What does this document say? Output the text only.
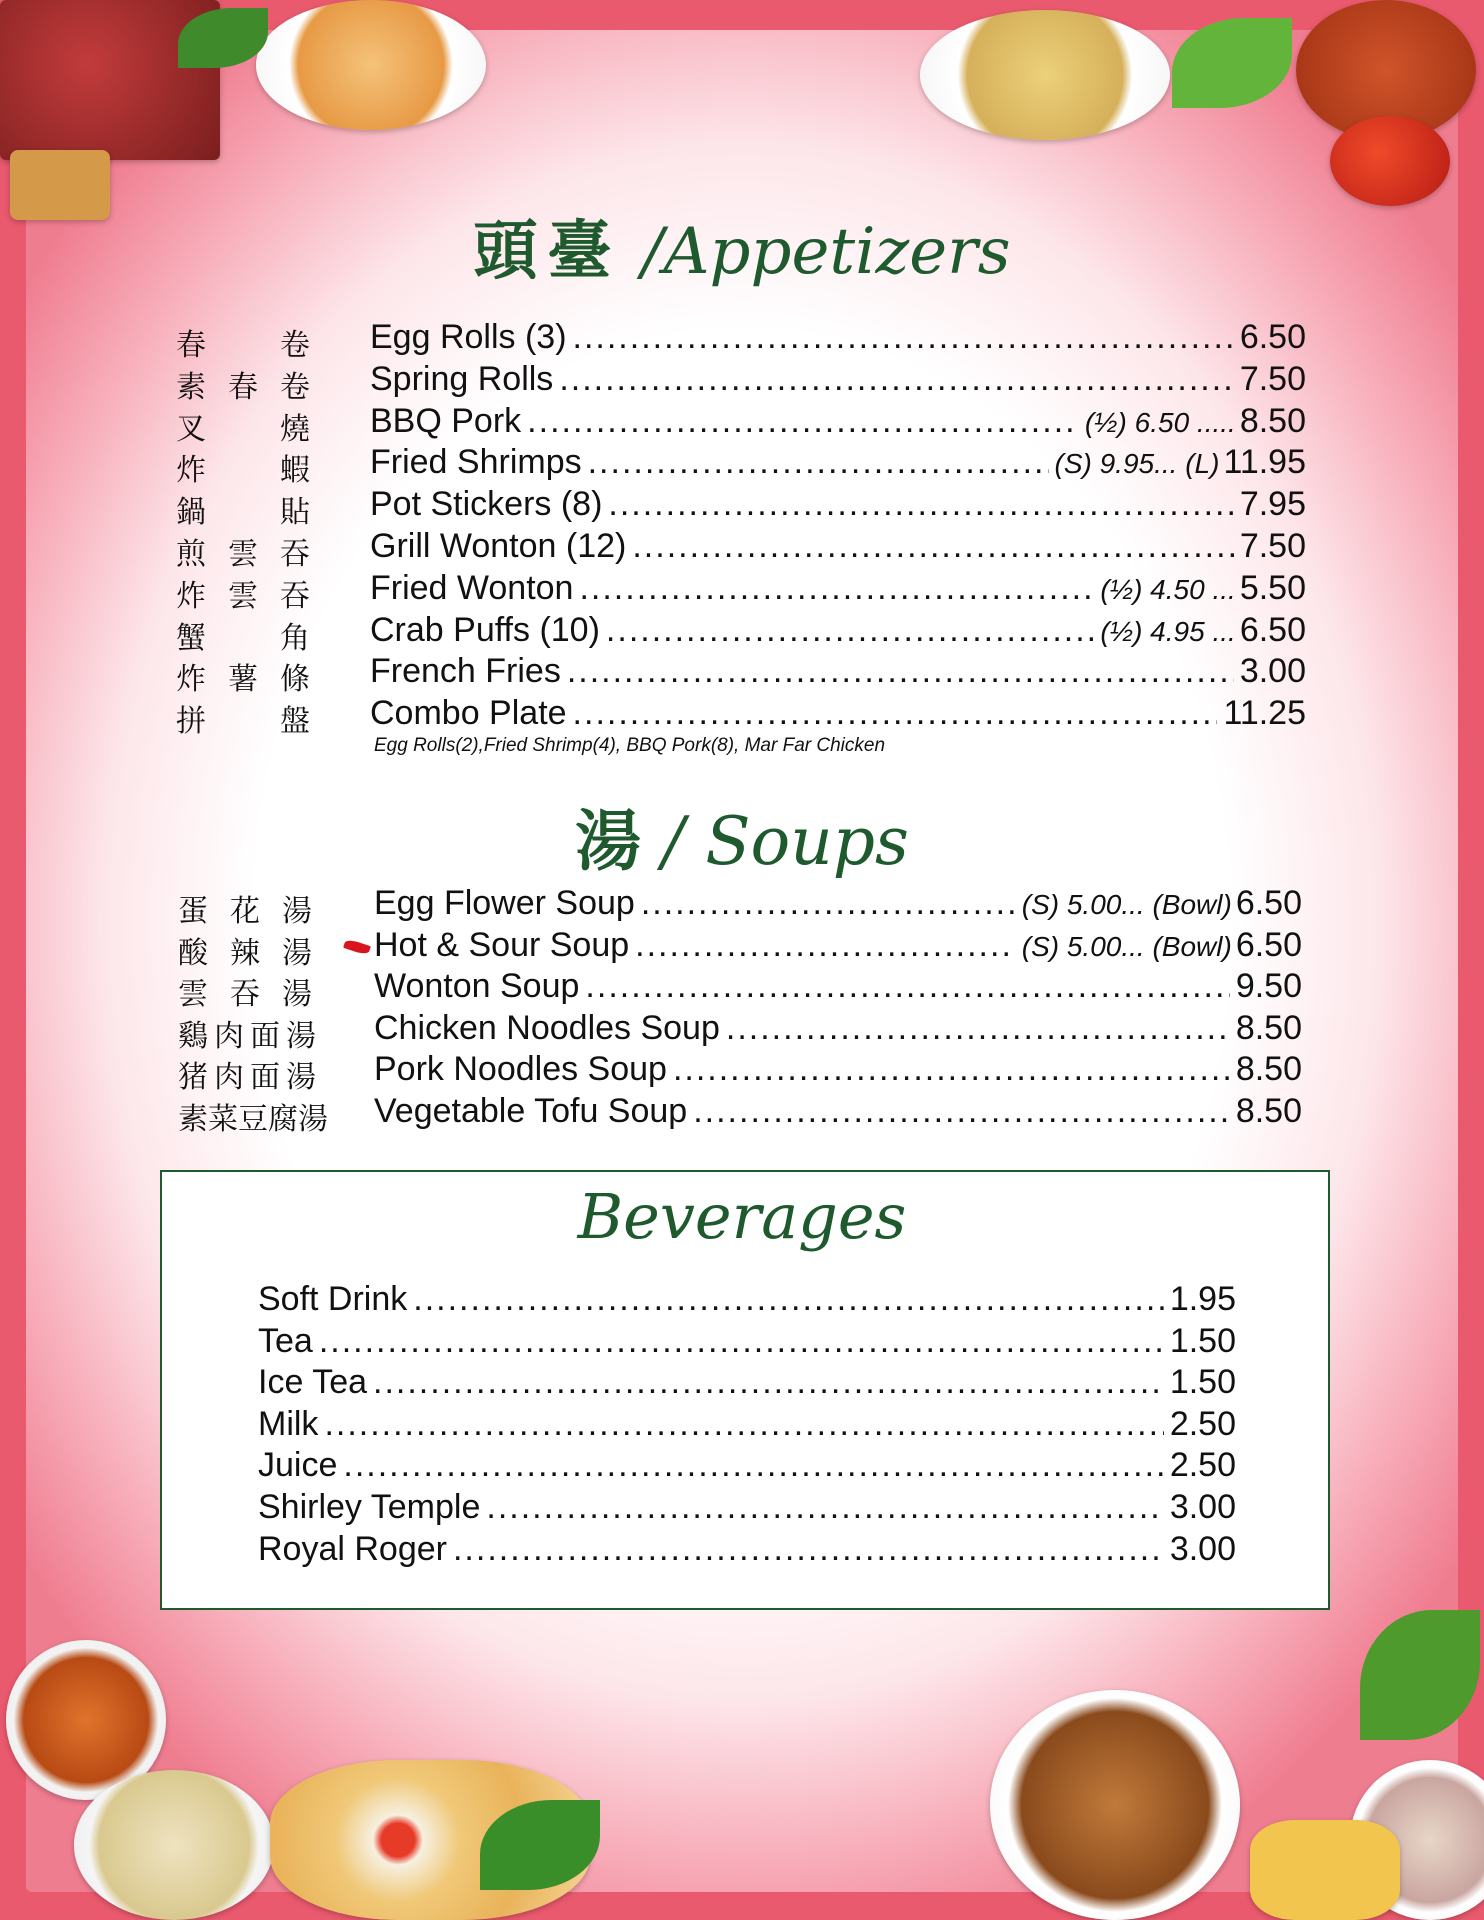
頭臺 /Appetizers
春　卷 Egg Rolls (3) .....	6.50
素春卷 Spring Rolls .....	7.50
叉　燒 BBQ Pork .....	(½) 6.50 ..... 8.50
炸　蝦 Fried Shrimps .....	(S) 9.95... (L) 11.95
鍋　貼 Pot Stickers (8) .....	7.95
煎雲吞 Grill Wonton (12) .....	7.50
炸雲吞 Fried Wonton .....	(½) 4.50 ... 5.50
蟹　角 Crab Puffs (10) .....	(½) 4.95 ... 6.50
炸薯條 French Fries .....	3.00
拼　盤 Combo Plate .....	11.25
Egg Rolls(2),Fried Shrimp(4), BBQ Pork(8), Mar Far Chicken
湯 / Soups
蛋花湯 Egg Flower Soup .....	(S) 5.00... (Bowl) 6.50
酸辣湯 Hot & Sour Soup .....	(S) 5.00... (Bowl) 6.50
雲吞湯 Wonton Soup .....	9.50
鷄肉面湯 Chicken Noodles Soup .....	8.50
猪肉面湯 Pork Noodles Soup .....	8.50
素菜豆腐湯 Vegetable Tofu Soup .....	8.50
Beverages
Soft Drink .....	1.95
Tea .....	1.50
Ice Tea .....	1.50
Milk .....	2.50
Juice .....	2.50
Shirley Temple .....	3.00
Royal Roger .....	3.00
